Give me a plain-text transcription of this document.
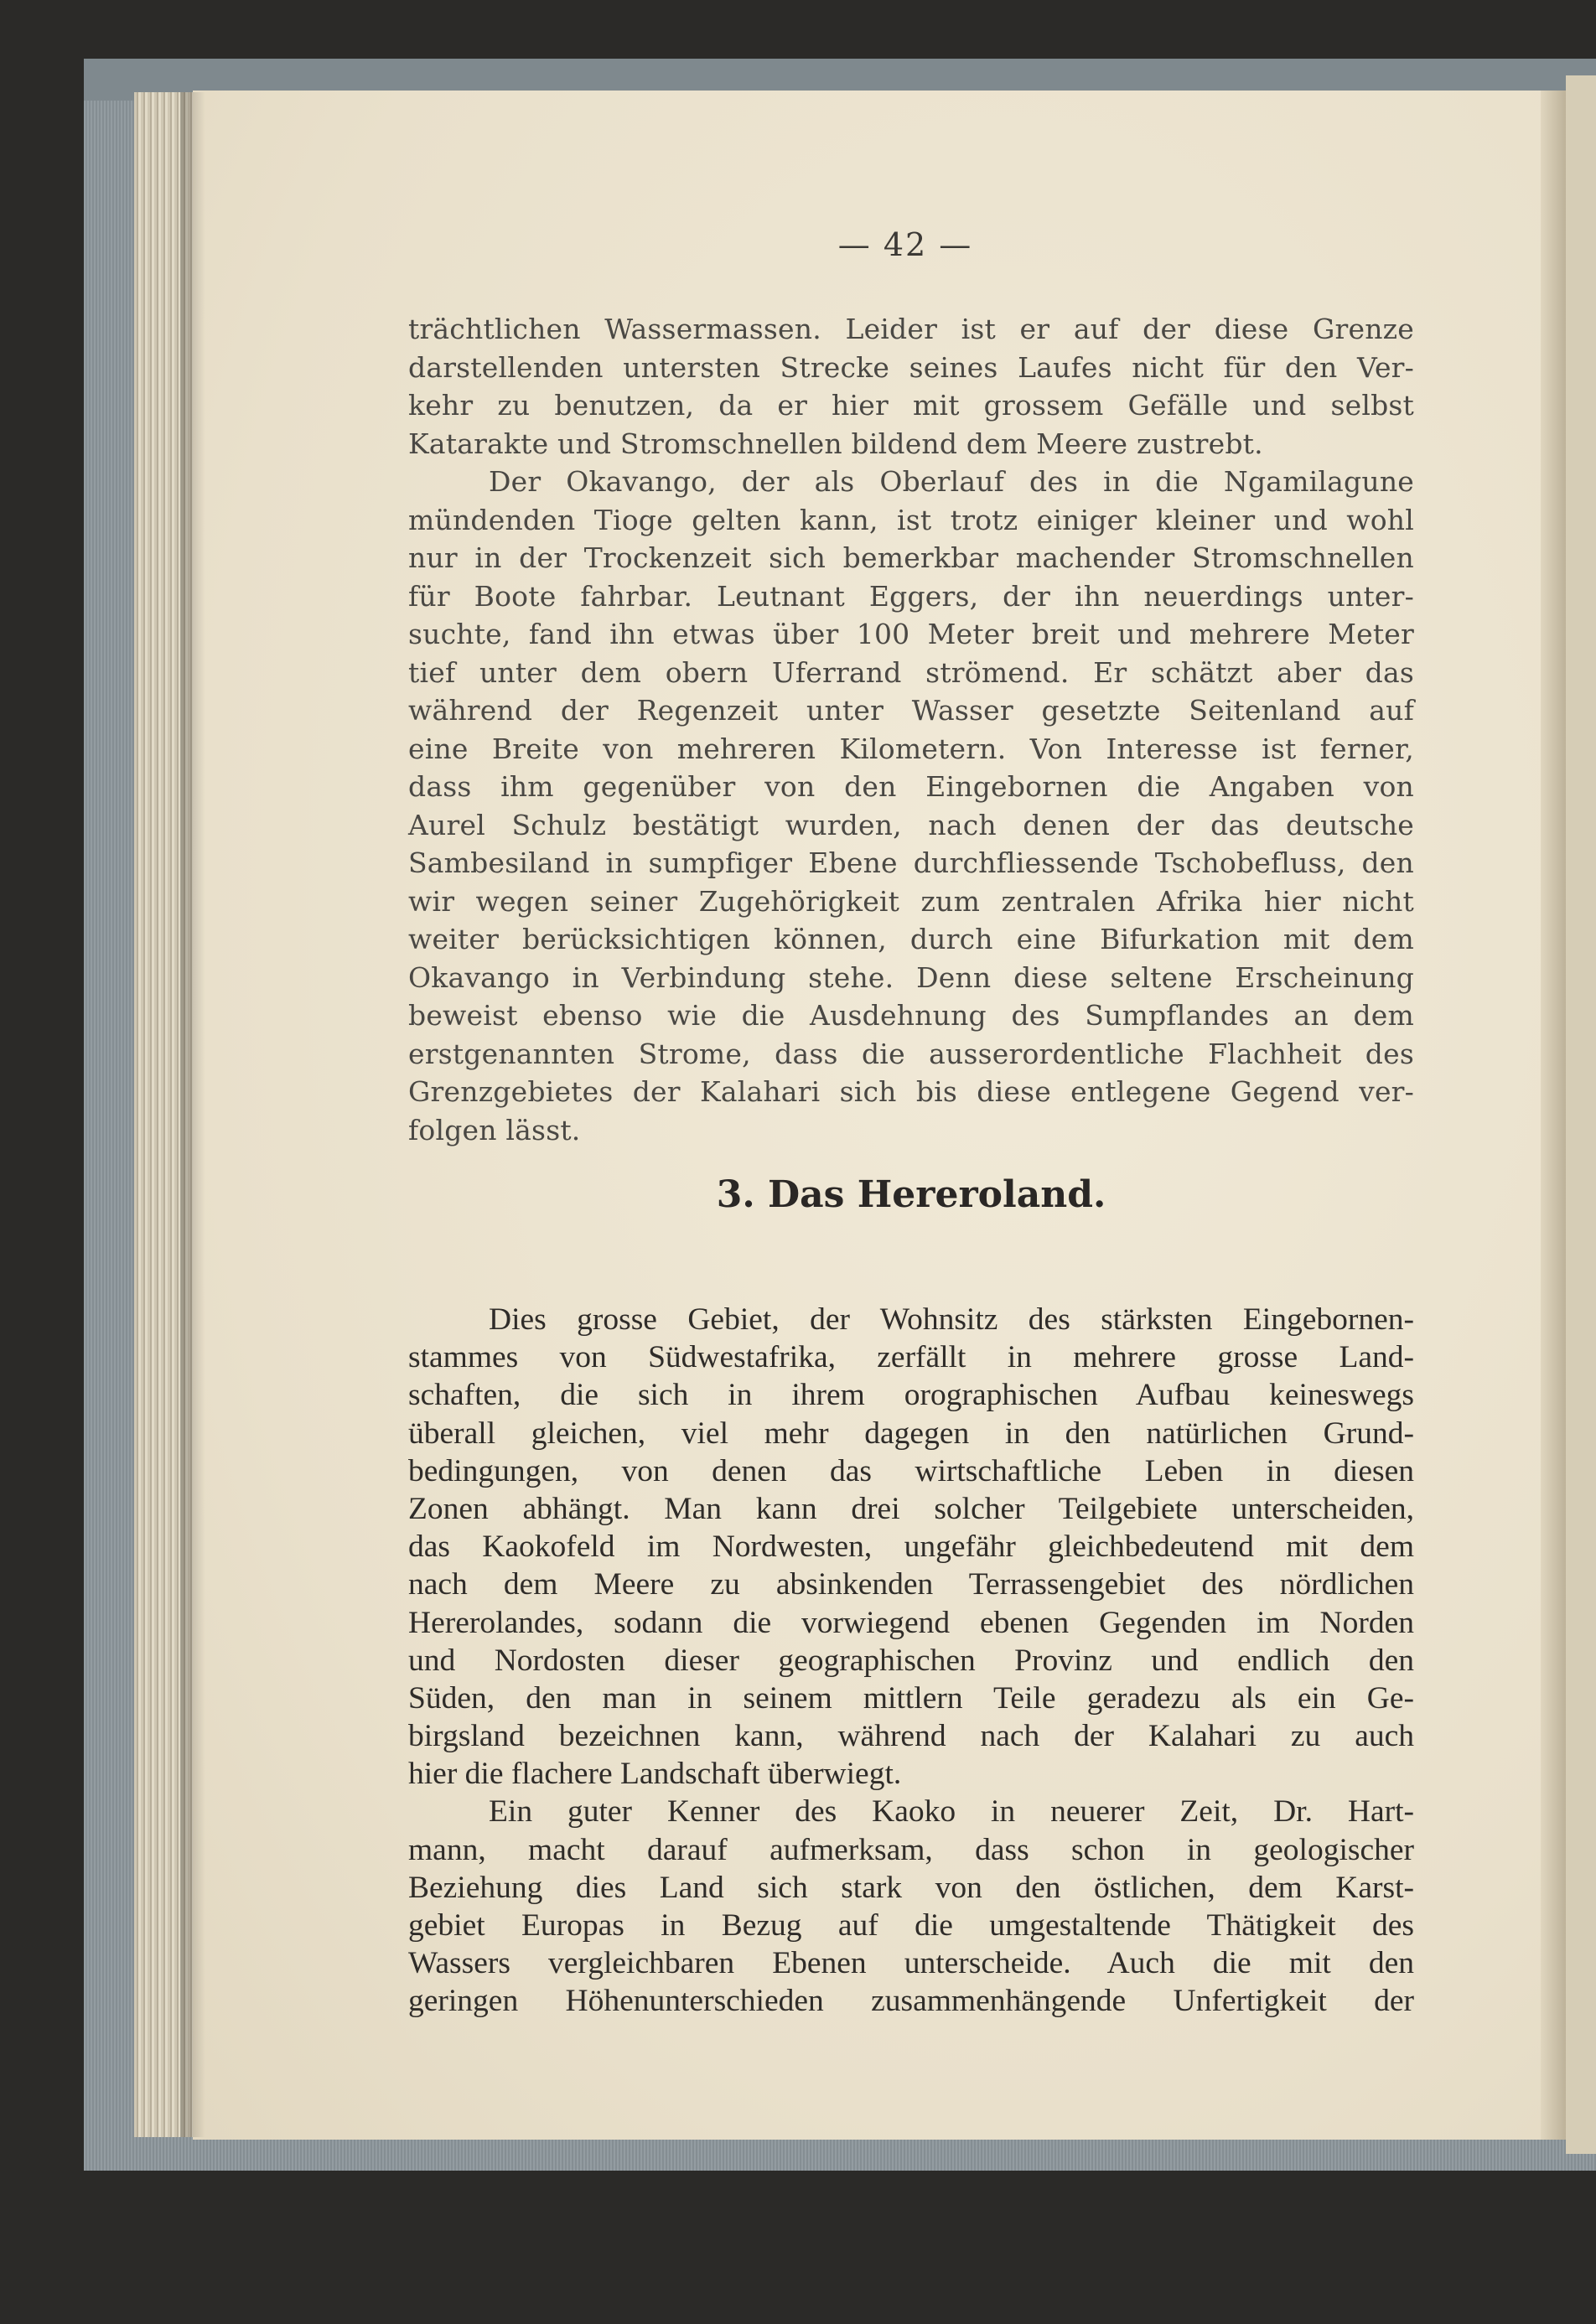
— 42 —
trächtlichen Wassermassen. Leider ist er auf der diese Grenze
darstellenden untersten Strecke seines Laufes nicht für den Ver-
kehr zu benutzen, da er hier mit grossem Gefälle und selbst
Katarakte und Stromschnellen bildend dem Meere zustrebt.
Der Okavango, der als Oberlauf des in die Ngamilagune
mündenden Tioge gelten kann, ist trotz einiger kleiner und wohl
nur in der Trockenzeit sich bemerkbar machender Stromschnellen
für Boote fahrbar. Leutnant Eggers, der ihn neuerdings unter-
suchte, fand ihn etwas über 100 Meter breit und mehrere Meter
tief unter dem obern Uferrand strömend. Er schätzt aber das
während der Regenzeit unter Wasser gesetzte Seitenland auf
eine Breite von mehreren Kilometern. Von Interesse ist ferner,
dass ihm gegenüber von den Eingebornen die Angaben von
Aurel Schulz bestätigt wurden, nach denen der das deutsche
Sambesiland in sumpfiger Ebene durchfliessende Tschobefluss, den
wir wegen seiner Zugehörigkeit zum zentralen Afrika hier nicht
weiter berücksichtigen können, durch eine Bifurkation mit dem
Okavango in Verbindung stehe. Denn diese seltene Erscheinung
beweist ebenso wie die Ausdehnung des Sumpflandes an dem
erstgenannten Strome, dass die ausserordentliche Flachheit des
Grenzgebietes der Kalahari sich bis diese entlegene Gegend ver-
folgen lässt.
3. Das Hereroland.
Dies grosse Gebiet, der Wohnsitz des stärksten Eingebornen-
stammes von Südwestafrika, zerfällt in mehrere grosse Land-
schaften, die sich in ihrem orographischen Aufbau keineswegs
überall gleichen, viel mehr dagegen in den natürlichen Grund-
bedingungen, von denen das wirtschaftliche Leben in diesen
Zonen abhängt. Man kann drei solcher Teilgebiete unterscheiden,
das Kaokofeld im Nordwesten, ungefähr gleichbedeutend mit dem
nach dem Meere zu absinkenden Terrassengebiet des nördlichen
Hererolandes, sodann die vorwiegend ebenen Gegenden im Norden
und Nordosten dieser geographischen Provinz und endlich den
Süden, den man in seinem mittlern Teile geradezu als ein Ge-
birgsland bezeichnen kann, während nach der Kalahari zu auch
hier die flachere Landschaft überwiegt.
Ein guter Kenner des Kaoko in neuerer Zeit, Dr. Hart-
mann, macht darauf aufmerksam, dass schon in geologischer
Beziehung dies Land sich stark von den östlichen, dem Karst-
gebiet Europas in Bezug auf die umgestaltende Thätigkeit des
Wassers vergleichbaren Ebenen unterscheide. Auch die mit den
geringen Höhenunterschieden zusammenhängende Unfertigkeit der
